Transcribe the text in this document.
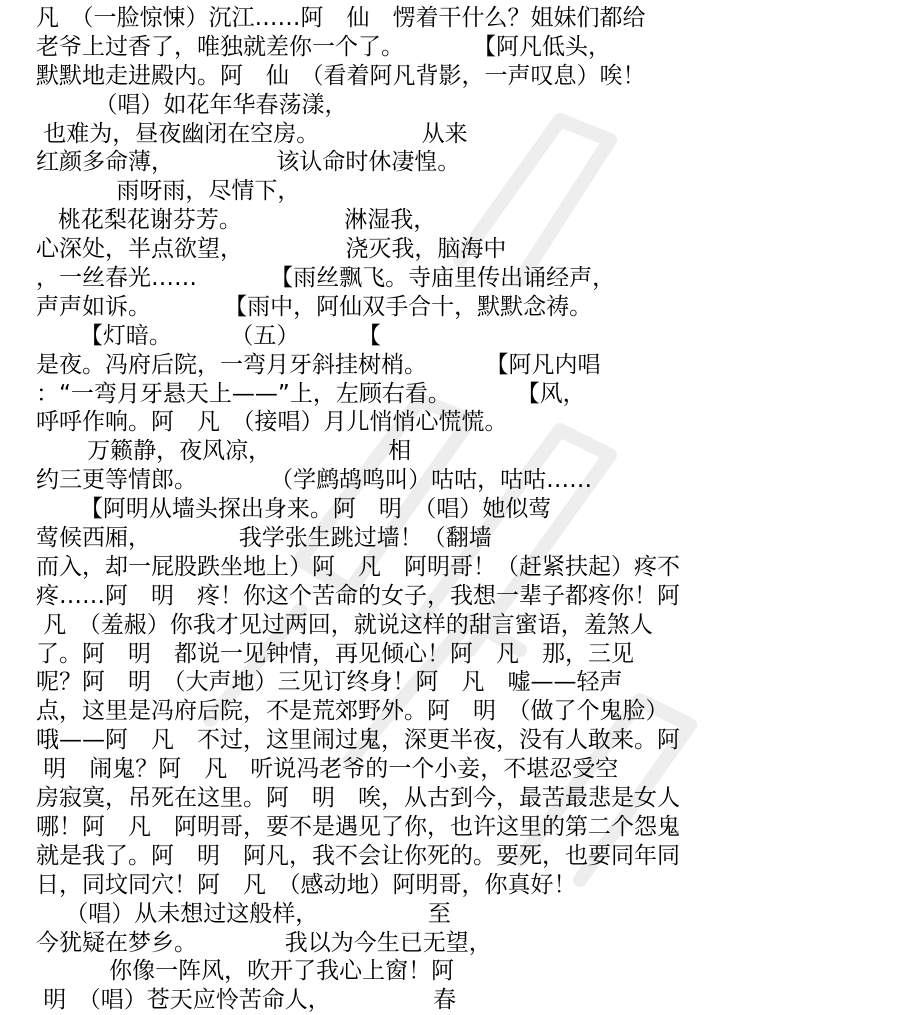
凡　（一脸惊悚）沉江……阿　仙　愣着干什么？姐妹们都给
老爷上过香了，唯独就差你一个了。　　　　【阿凡低头，
默默地走进殿内。阿　仙　（看着阿凡背影，一声叹息）唉！
（唱）如花年华春荡漾，
也难为，昼夜幽闭在空房。              从来
红颜多命薄，              该认命时休凄惶。
雨呀雨，尽情下，
桃花梨花谢芬芳。              淋湿我，
心深处，半点欲望，              浇灭我，脑海中
，一丝春光……          【雨丝飘飞。寺庙里传出诵经声，
声声如诉。          【雨中，阿仙双手合十，默默念祷。
【灯暗。        （五）        【
是夜。冯府后院，一弯月牙斜挂树梢。        【阿凡内唱
：“一弯月牙悬天上——”上，左顾右看。         【风，
呼呼作响。阿　凡　（接唱）月儿悄悄心慌慌。
万籁静，夜风凉，                相
约三更等情郎。          （学鹧鸪鸣叫）咕咕，咕咕……
【阿明从墙头探出身来。阿　明　（唱）她似莺
莺候西厢，            我学张生跳过墙！（翻墙
而入，却一屁股跌坐地上）阿　凡　阿明哥！（赶紧扶起）疼不
疼……阿　明　疼！你这个苦命的女子，我想一辈子都疼你！阿
凡　（羞赧）你我才见过两回，就说这样的甜言蜜语，羞煞人
了。阿　明　都说一见钟情，再见倾心！阿　凡　那，三见
呢？阿　明　（大声地）三见订终身！阿　凡　嘘——轻声
点，这里是冯府后院，不是荒郊野外。阿　明　（做了个鬼脸）
哦——阿　凡　不过，这里闹过鬼，深更半夜，没有人敢来。阿
明　闹鬼？阿　凡　听说冯老爷的一个小妾，不堪忍受空
房寂寞，吊死在这里。阿　明　唉，从古到今，最苦最悲是女人
哪！阿　凡　阿明哥，要不是遇见了你，也许这里的第二个怨鬼
就是我了。阿　明　阿凡，我不会让你死的。要死，也要同年同
日，同坟同穴！阿　凡　（感动地）阿明哥，你真好！
（唱）从未想过这般样，               至
今犹疑在梦乡。            我以为今生已无望，
你像一阵风，吹开了我心上窗！阿
明　（唱）苍天应怜苦命人，              春
